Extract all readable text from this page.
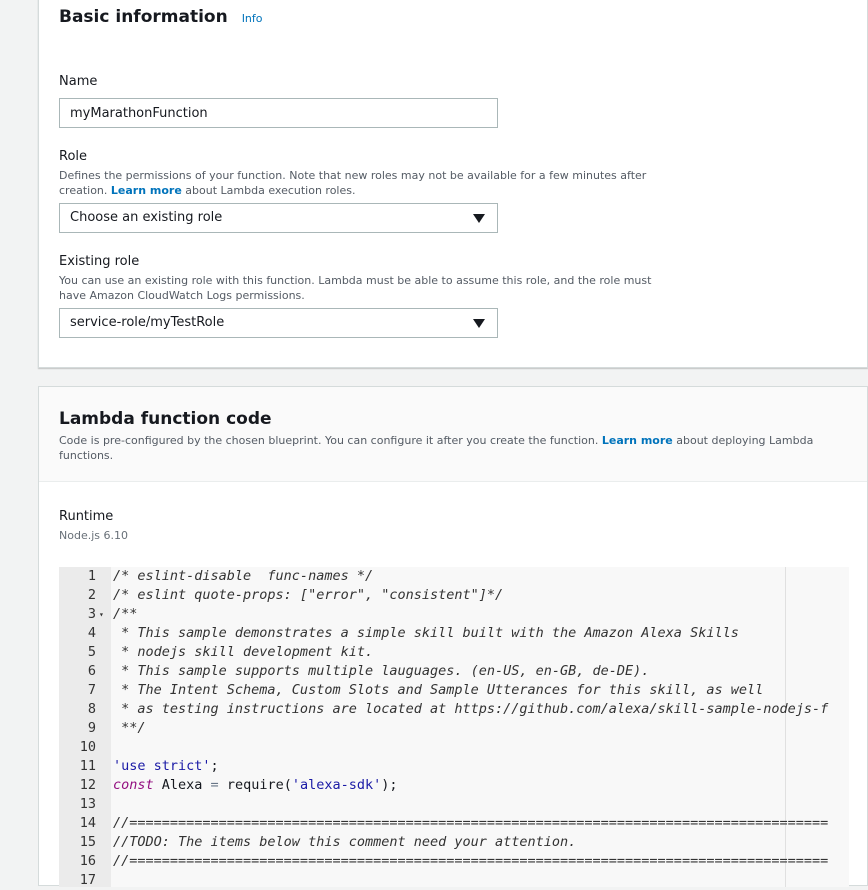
Basic information Info
Name
myMarathonFunction
Role
Defines the permissions of your function. Note that new roles may not be available for a few minutes after creation. Learn more about Lambda execution roles.
Choose an existing role
Existing role
You can use an existing role with this function. Lambda must be able to assume this role, and the role must have Amazon CloudWatch Logs permissions.
service-role/myTestRole
Lambda function code
Code is pre-configured by the chosen blueprint. You can configure it after you create the function. Learn more about deploying Lambda functions.
Runtime
Node.js 6.10
1 /* eslint-disable  func-names */
2 /* eslint quote-props: ["error", "consistent"]*/
3 ▾ /**
4 * This sample demonstrates a simple skill built with the Amazon Alexa Skills
5 * nodejs skill development kit.
6 * This sample supports multiple lauguages. (en-US, en-GB, de-DE).
7 * The Intent Schema, Custom Slots and Sample Utterances for this skill, as well
8 * as testing instructions are located at https://github.com/alexa/skill-sample-nodejs-f
9 **/
10
11 'use strict';
12 const Alexa = require('alexa-sdk');
13
14 //======================================================================================
15 //TODO: The items below this comment need your attention.
16 //======================================================================================
17
